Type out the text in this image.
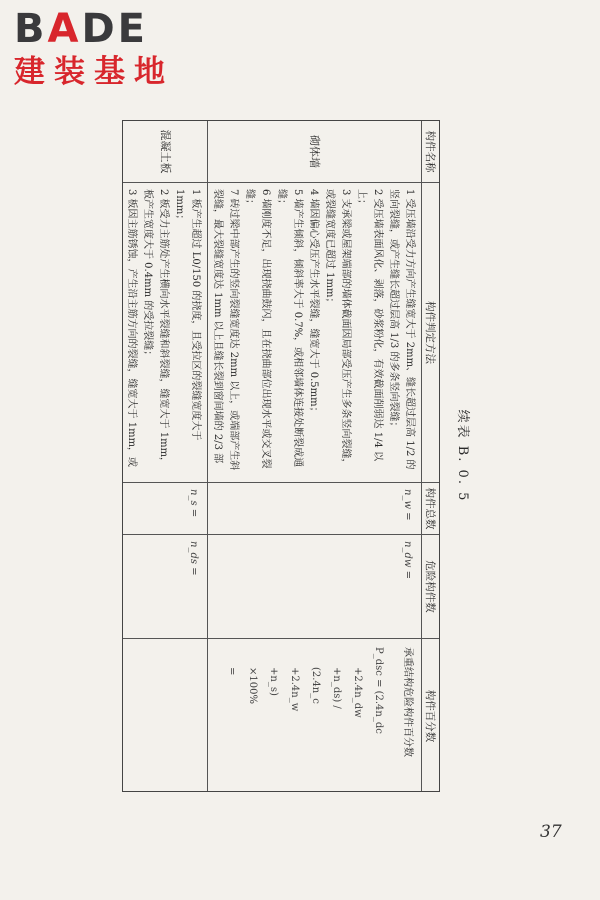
BADE
建装基地
续表 B. 0. 5
构件名称
构件判定方法
构件总数
危险构件数
构件百分数
砌体墙

1 受压墙沿受力方向产生缝宽大于 2mm、缝长超过层高 1/2 的竖向裂缝，或产生缝长超过层高 1/3 的多条竖向裂缝；

2 受压墙表面风化、剥落，砂浆粉化，有效截面削弱达 1/4 以上；

3 支承梁或屋架端部的墙体截面因局部受压产生多条竖向裂缝，或裂缝宽度已超过 1mm；

4 墙因偏心受压产生水平裂缝，缝宽大于 0.5mm；

5 墙产生倾斜，倾斜率大于 0.7%，或相邻墙体连接处断裂成通缝；

6 墙刚度不足，出现挠曲鼓闪，且在挠曲部位出现水平或交叉裂缝；

7 砖过梁中部产生的竖向裂缝宽度达 2mm 以上，或端部产生斜裂缝，最大裂缝宽度达 1mm 以上且缝长裂到窗间墙的 2/3 部

n_w =
n_dw =

承重结构危险构件百分数

P_dsc = (2.4n_dc
+2.4n_dw
+n_ds) /
(2.4n_c
+2.4n_w
+n_s)
×100%
=
混凝土板

1 板产生超过 L0/150 的挠度，且受拉区的裂缝宽度大于 1mm；

2 板受力主筋处产生横向水平裂缝和斜裂缝，缝宽大于 1mm，板产生宽度大于 0.4mm 的受拉裂缝；

3 板因主筋锈蚀，产生沿主筋方向的裂缝，缝宽大于 1mm，或

n_s =
n_ds =
37
